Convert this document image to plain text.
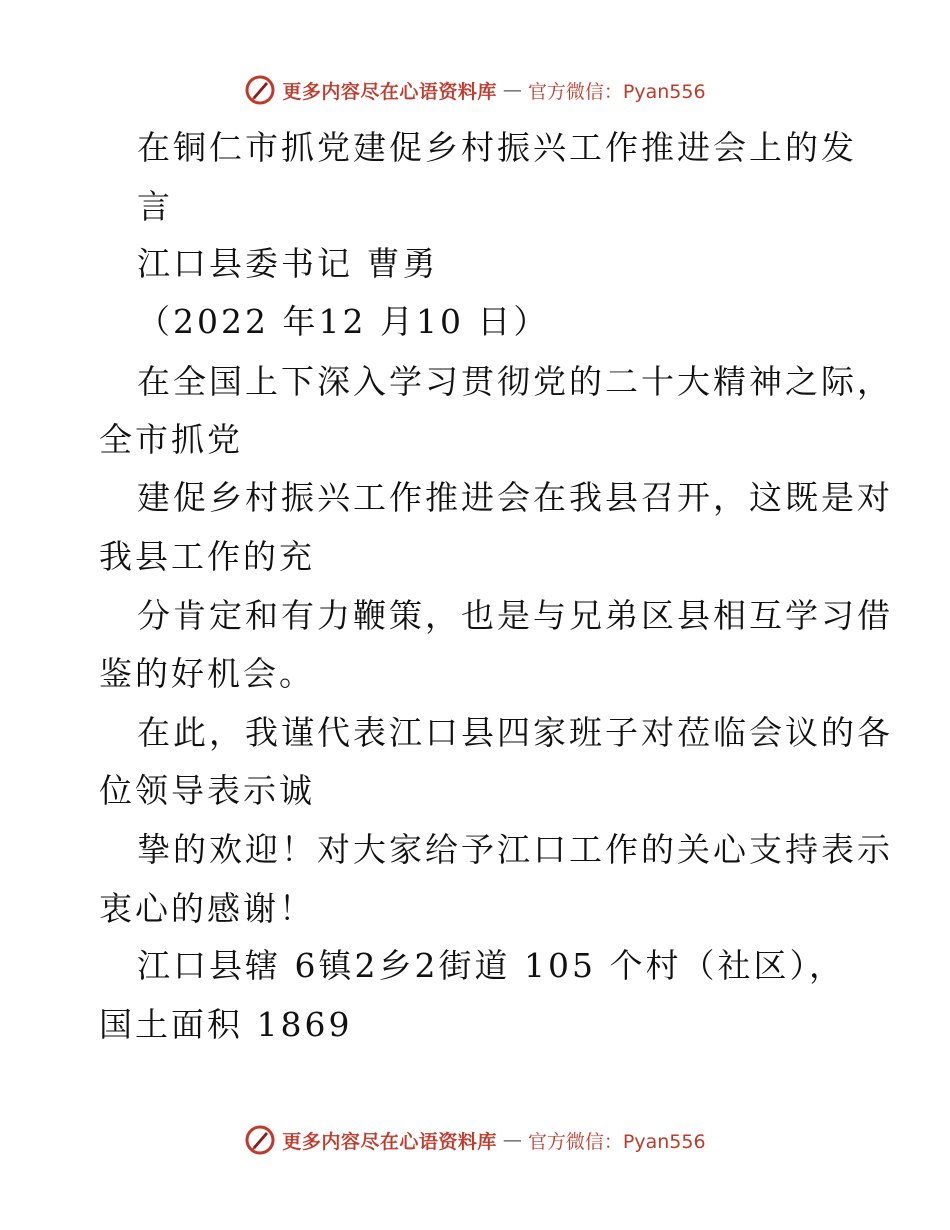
更多内容尽在心语资料库 — 官方微信：Pyan556
在铜仁市抓党建促乡村振兴工作推进会上的发
言
江口县委书记 曹勇
（2022 年12 月10 日）
在全国上下深入学习贯彻党的二十大精神之际，
全市抓党
建促乡村振兴工作推进会在我县召开，这既是对
我县工作的充
分肯定和有力鞭策，也是与兄弟区县相互学习借
鉴的好机会。
在此，我谨代表江口县四家班子对莅临会议的各
位领导表示诚
挚的欢迎！对大家给予江口工作的关心支持表示
衷心的感谢！
江口县辖 6镇2乡2街道 105 个村（社区），
国土面积 1869
更多内容尽在心语资料库 — 官方微信：Pyan556
